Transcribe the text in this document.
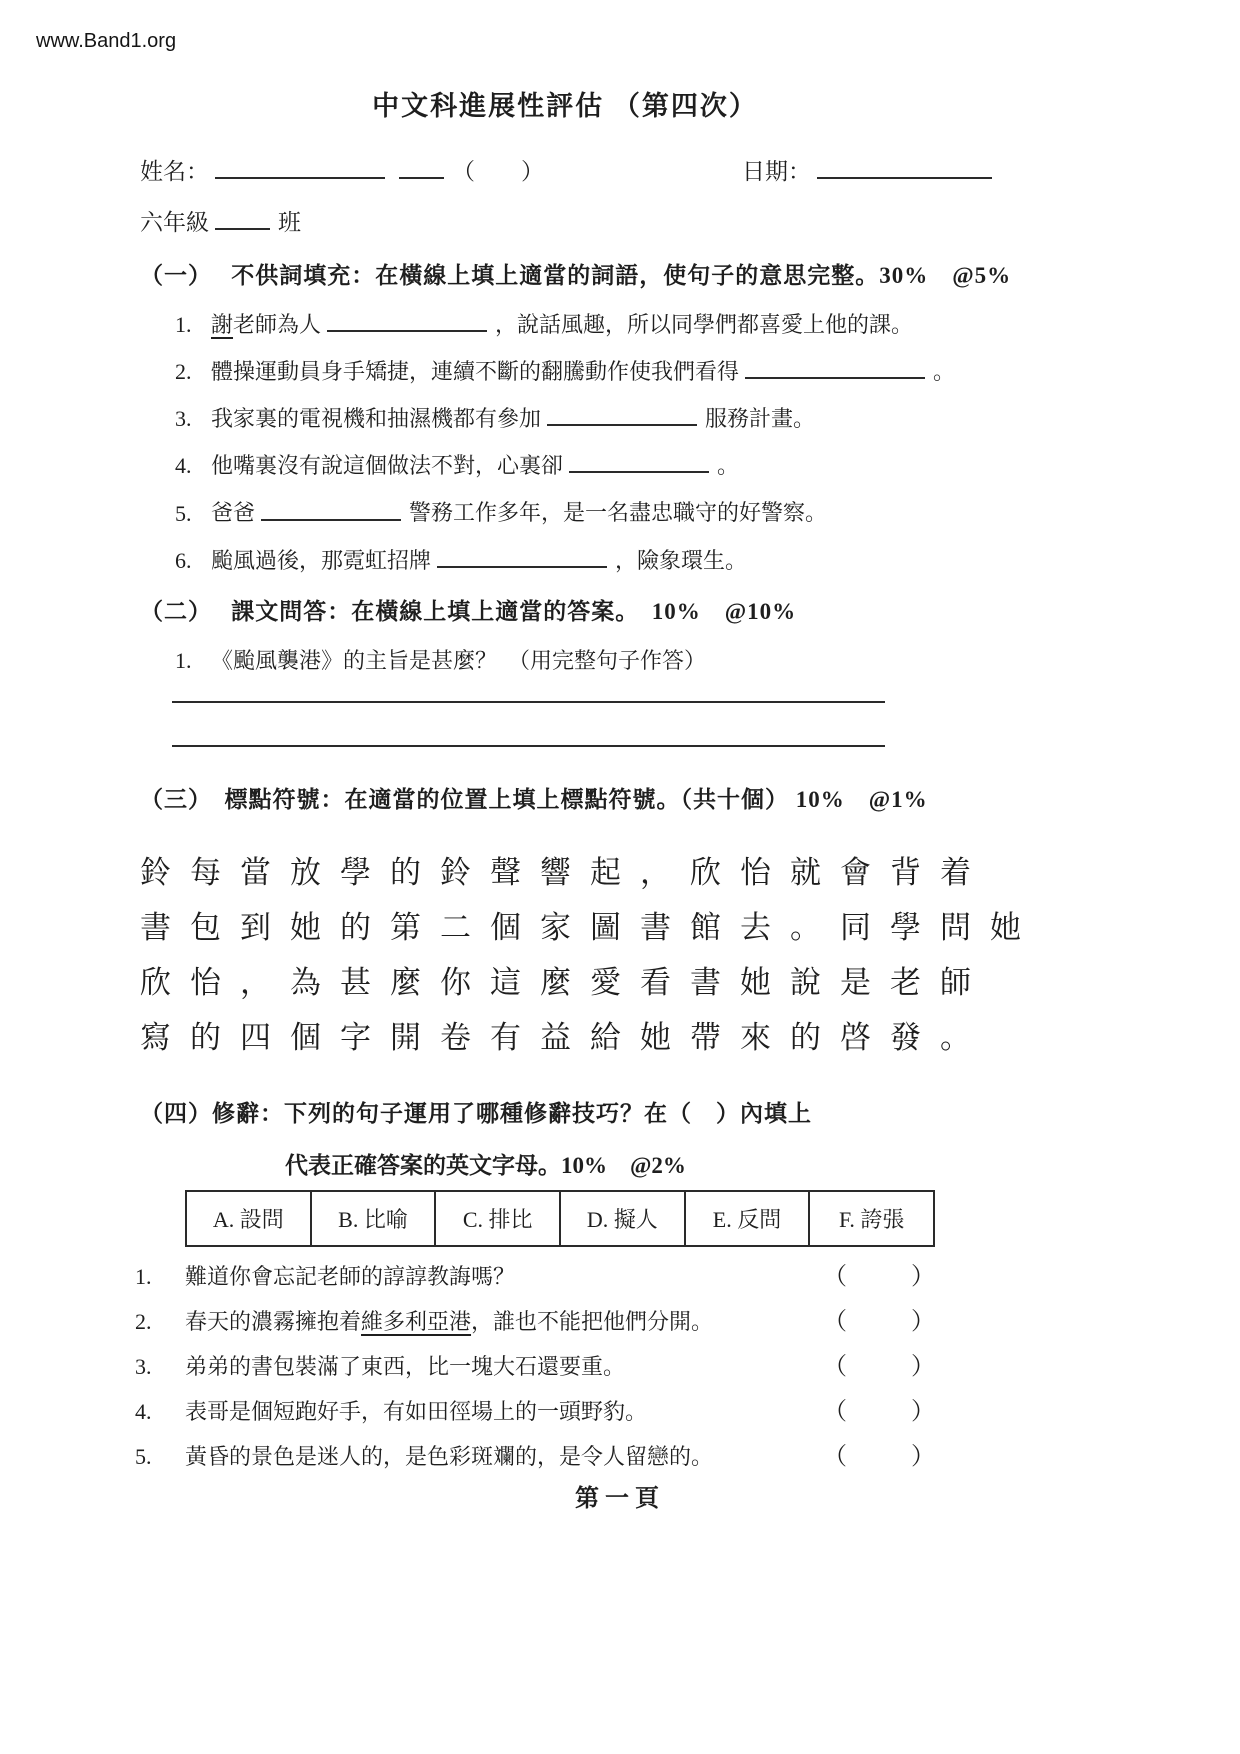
www.Band1.org
中文科進展性評估 （第四次）
姓名：	（　　）	日期：
六年級	班
（一）　 不供詞填充：在橫線上填上適當的詞語，使句子的意思完整。30%　@5%
1. 謝老師為人	，說話風趣，所以同學們都喜愛上他的課。
2. 體操運動員身手矯捷，連續不斷的翻騰動作使我們看得	。
3. 我家裏的電視機和抽濕機都有參加	服務計畫。
4. 他嘴裏沒有說這個做法不對，心裏卻	。
5. 爸爸	警務工作多年，是一名盡忠職守的好警察。
6. 颱風過後，那霓虹招牌	，險象環生。
（二）　 課文問答：在橫線上填上適當的答案。　10%　@10%
1. 《颱風襲港》的主旨是甚麼？　（用完整句子作答）
（三）　標點符號：在適當的位置上填上標點符號。（共十個） 10%　@1%
鈴每當放學的鈴聲響起，欣怡就會背着
書包到她的第二個家圖書館去。同學問她
欣怡，為甚麼你這麼愛看書她說是老師
寫的四個字開卷有益給她帶來的啓發。
（四）修辭：下列的句子運用了哪種修辭技巧？在（　）內填上
代表正確答案的英文字母。10%　@2%
A. 設問	B. 比喻	C. 排比	D. 擬人	E. 反問	F. 誇張
1.	難道你會忘記老師的諄諄教誨嗎？	（	）
2.	春天的濃霧擁抱着維多利亞港，誰也不能把他們分開。	（	）
3.	弟弟的書包裝滿了東西，比一塊大石還要重。	（	）
4.	表哥是個短跑好手，有如田徑場上的一頭野豹。	（	）
5.	黃昏的景色是迷人的，是色彩斑斕的，是令人留戀的。	（	）
第一頁
